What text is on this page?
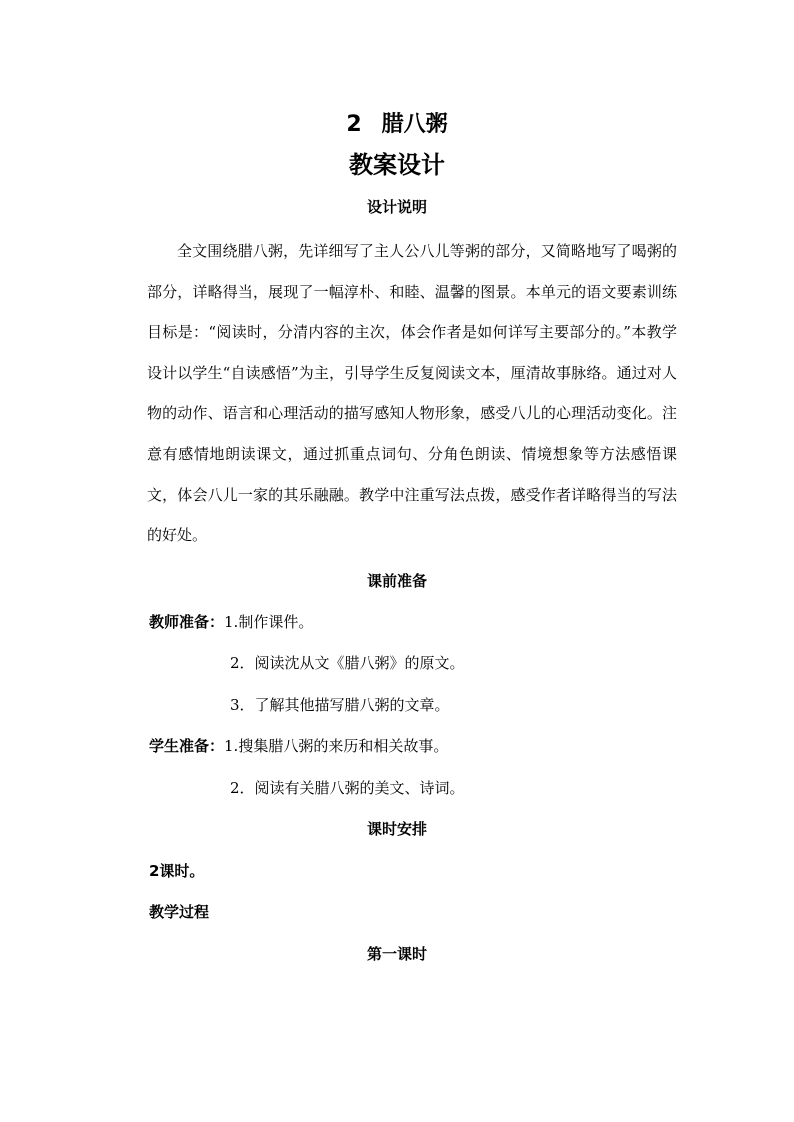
2 腊八粥
教案设计
设计说明
全文围绕腊八粥，先详细写了主人公八儿等粥的部分，又简略地写了喝粥的部分，详略得当，展现了一幅淳朴、和睦、温馨的图景。本单元的语文要素训练目标是：“阅读时，分清内容的主次，体会作者是如何详写主要部分的。”本教学设计以学生“自读感悟”为主，引导学生反复阅读文本，厘清故事脉络。通过对人物的动作、语言和心理活动的描写感知人物形象，感受八儿的心理活动变化。注意有感情地朗读课文，通过抓重点词句、分角色朗读、情境想象等方法感悟课文，体会八儿一家的其乐融融。教学中注重写法点拨，感受作者详略得当的写法的好处。
课前准备
教师准备：1.制作课件。
2．阅读沈从文《腊八粥》的原文。
3．了解其他描写腊八粥的文章。
学生准备：1.搜集腊八粥的来历和相关故事。
2．阅读有关腊八粥的美文、诗词。
课时安排
2课时。
教学过程
第一课时
